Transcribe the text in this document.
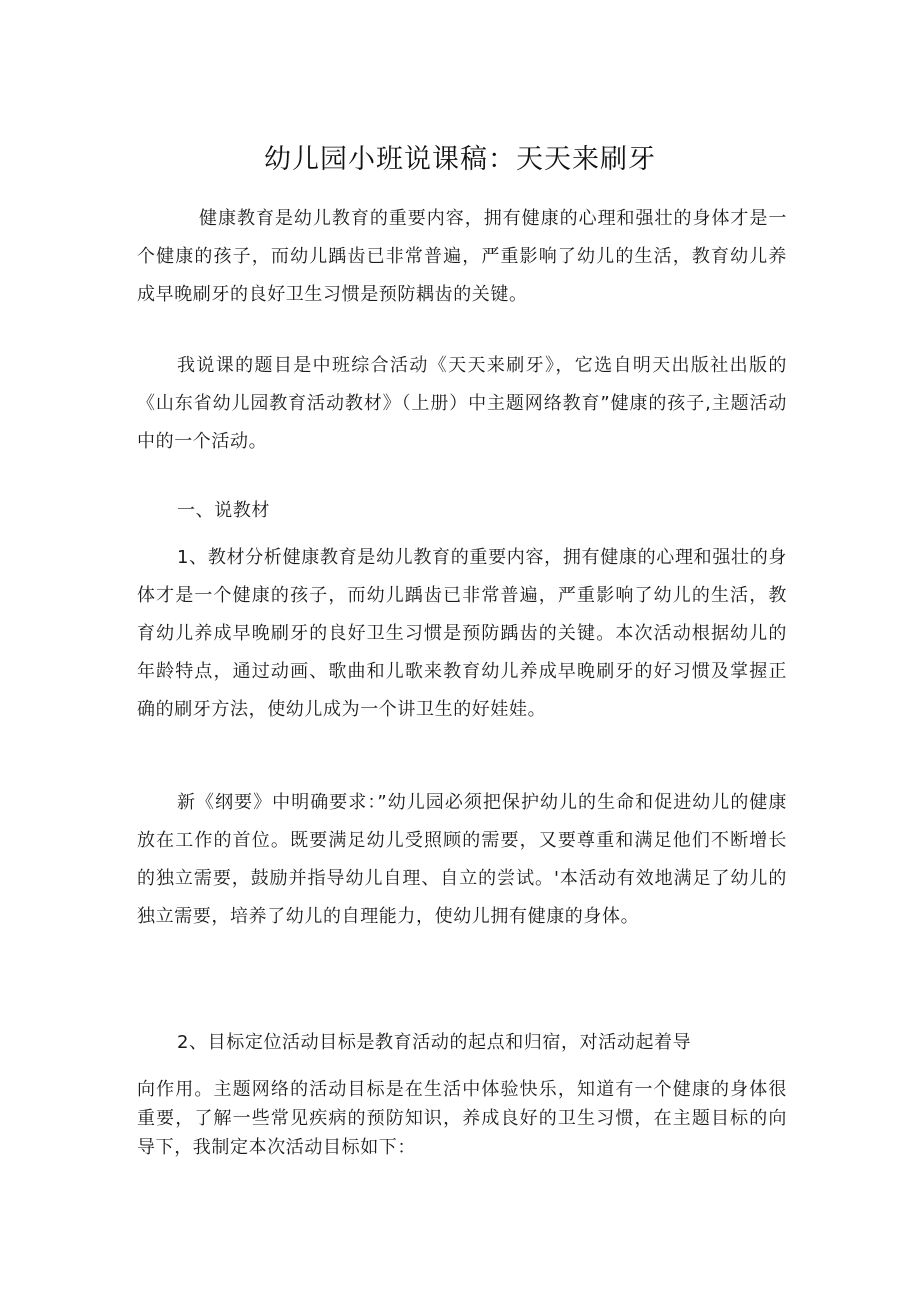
幼儿园小班说课稿：天天来刷牙

健康教育是幼儿教育的重要内容，拥有健康的心理和强壮的身体才是一个健康的孩子，而幼儿踽齿已非常普遍，严重影响了幼儿的生活，教育幼儿养成早晚刷牙的良好卫生习惯是预防耦齿的关键。

我说课的题目是中班综合活动《天天来刷牙》，它选自明天出版社出版的《山东省幼儿园教育活动教材》（上册）中主题网络教育”健康的孩子,主题活动中的一个活动。

一、说教材

1、教材分析健康教育是幼儿教育的重要内容，拥有健康的心理和强壮的身体才是一个健康的孩子，而幼儿踽齿已非常普遍，严重影响了幼儿的生活，教育幼儿养成早晚刷牙的良好卫生习惯是预防踽齿的关键。本次活动根据幼儿的年龄特点，通过动画、歌曲和儿歌来教育幼儿养成早晚刷牙的好习惯及掌握正确的刷牙方法，使幼儿成为一个讲卫生的好娃娃。

新《纲要》中明确要求：”幼儿园必须把保护幼儿的生命和促进幼儿的健康放在工作的首位。既要满足幼儿受照顾的需要，又要尊重和满足他们不断增长的独立需要，鼓励并指导幼儿自理、自立的尝试。'本活动有效地满足了幼儿的独立需要，培养了幼儿的自理能力，使幼儿拥有健康的身体。

2、目标定位活动目标是教育活动的起点和归宿，对活动起着导

向作用。主题网络的活动目标是在生活中体验快乐，知道有一个健康的身体很重要，了解一些常见疾病的预防知识，养成良好的卫生习惯，在主题目标的向导下，我制定本次活动目标如下：
